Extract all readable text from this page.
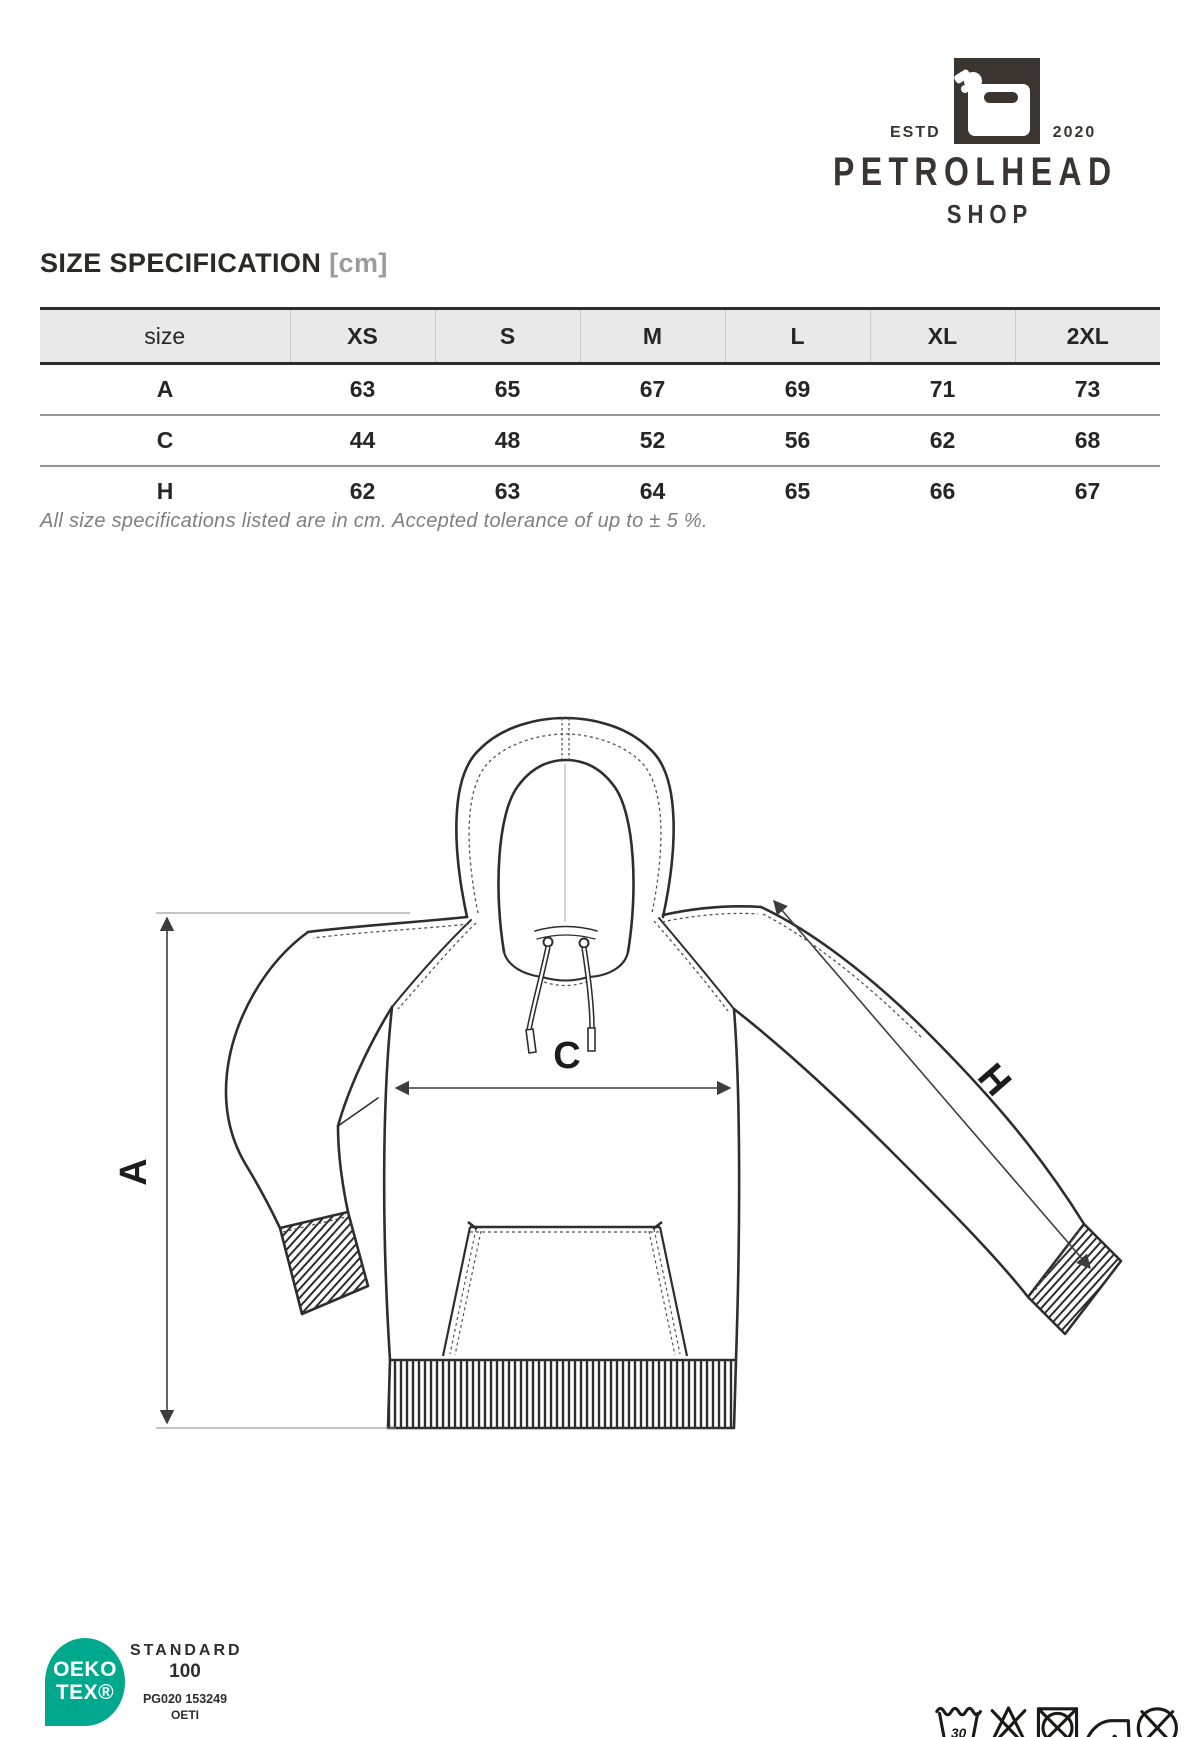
ESTD	2020
PETROLHEAD
SHOP
SIZE SPECIFICATION [cm]
size	XS	S	M	L	XL	2XL
A	63	65	67	69	71	73
C	44	48	52	56	62	68
H	62	63	64	65	66	67
All size specifications listed are in cm. Accepted tolerance of up to ± 5 %.
A
C	H
OEKO
TEX®
STANDARD
100
PG020 153249
OETI
30
